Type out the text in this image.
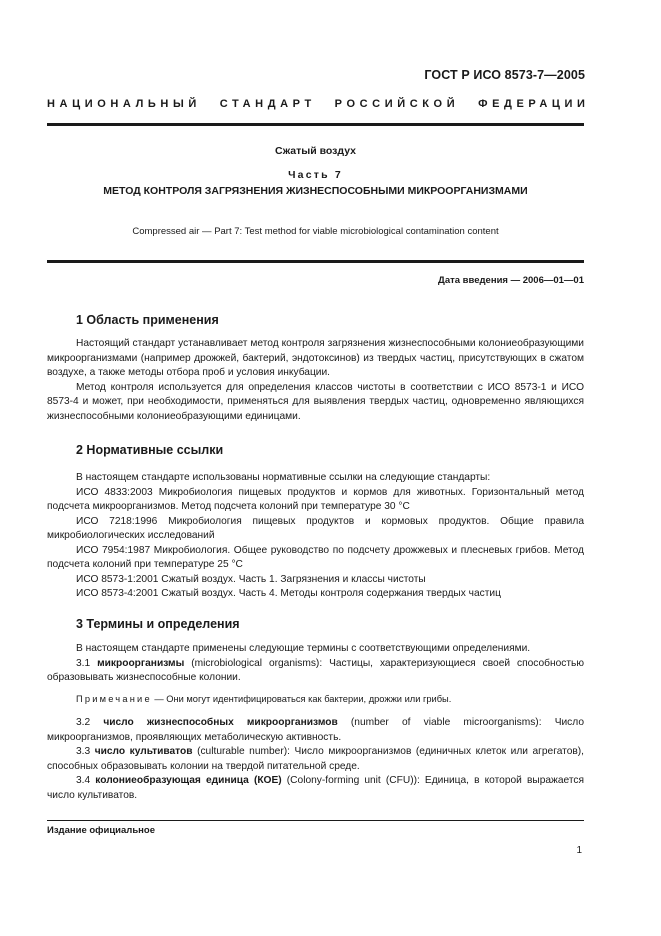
ГОСТ Р ИСО 8573-7—2005
НАЦИОНАЛЬНЫЙ СТАНДАРТ РОССИЙСКОЙ ФЕДЕРАЦИИ
Сжатый воздух
Часть 7
МЕТОД КОНТРОЛЯ ЗАГРЯЗНЕНИЯ ЖИЗНЕСПОСОБНЫМИ МИКРООРГАНИЗМАМИ
Compressed air — Part 7: Test method for viable microbiological contamination content
Дата введения — 2006—01—01
1 Область применения

Настоящий стандарт устанавливает метод контроля загрязнения жизнеспособными колониеобразующими микроорганизмами (например дрожжей, бактерий, эндотоксинов) из твердых частиц, присутствующих в сжатом воздухе, а также методы отбора проб и условия инкубации.

Метод контроля используется для определения классов чистоты в соответствии с ИСО 8573-1 и ИСО 8573-4 и может, при необходимости, применяться для выявления твердых частиц, одновременно являющихся жизнеспособными колониеобразующими единицами.

2 Нормативные ссылки

В настоящем стандарте использованы нормативные ссылки на следующие стандарты:

ИСО 4833:2003 Микробиология пищевых продуктов и кормов для животных. Горизонтальный метод подсчета микроорганизмов. Метод подсчета колоний при температуре 30 °С

ИСО 7218:1996 Микробиология пищевых продуктов и кормовых продуктов. Общие правила микробиологических исследований

ИСО 7954:1987 Микробиология. Общее руководство по подсчету дрожжевых и плесневых грибов. Метод подсчета колоний при температуре 25 °С

ИСО 8573-1:2001 Сжатый воздух. Часть 1. Загрязнения и классы чистоты

ИСО 8573-4:2001 Сжатый воздух. Часть 4. Методы контроля содержания твердых частиц

3 Термины и определения

В настоящем стандарте применены следующие термины с соответствующими определениями.

3.1 микроорганизмы (microbiological organisms): Частицы, характеризующиеся своей способностью образовывать жизнеспособные колонии.

Примечание — Они могут идентифицироваться как бактерии, дрожжи или грибы.

3.2 число жизнеспособных микроорганизмов (number of viable microorganisms): Число микроорганизмов, проявляющих метаболическую активность.

3.3 число культиватов (culturable number): Число микроорганизмов (единичных клеток или агрегатов), способных образовывать колонии на твердой питательной среде.

3.4 колониеобразующая единица (КОЕ) (Colony-forming unit (CFU)): Единица, в которой выражается число культиватов.

Издание официальное
1
